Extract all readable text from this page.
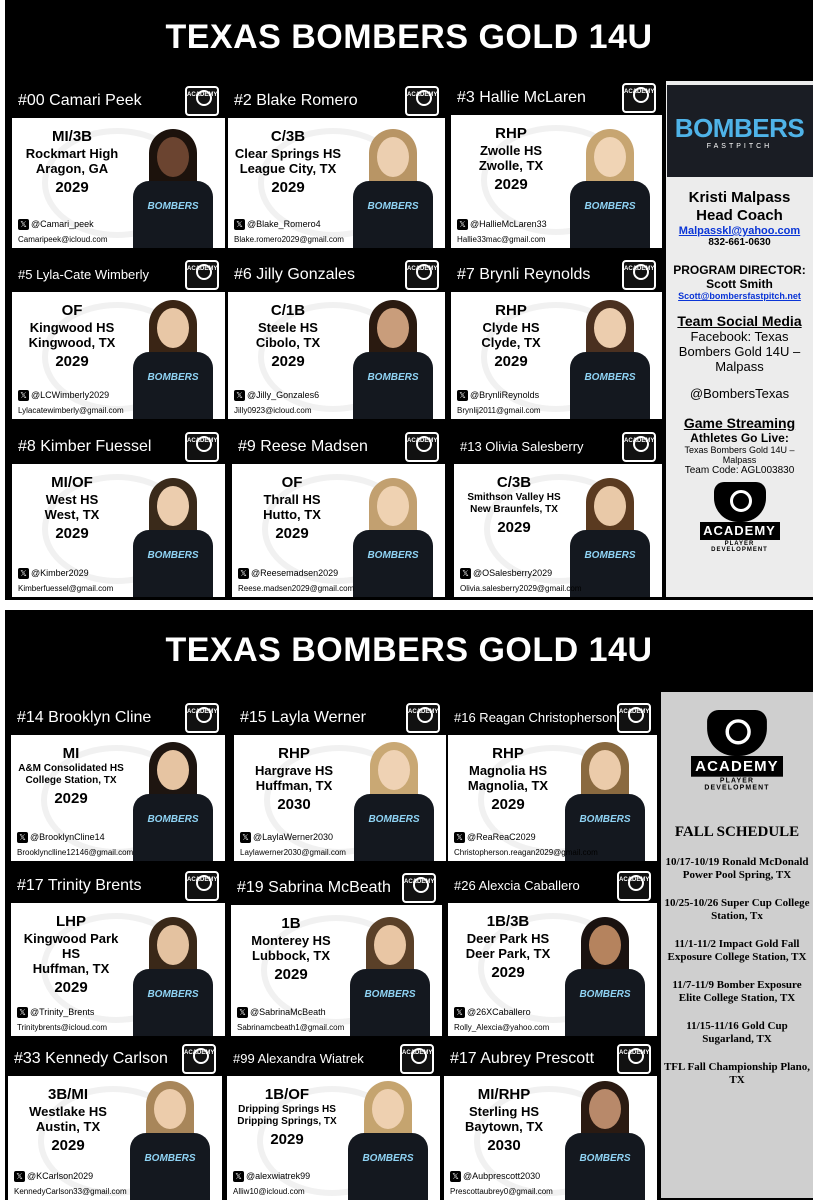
TEXAS BOMBERS GOLD 14U
TEXAS BOMBERS GOLD 14U
#00 Camari Peek
ACADEMY
MI/3B
Rockmart High
Aragon, GA
2029
BOMBERS
𝕏 @Camari_peek
Camaripeek@icloud.com
#2 Blake Romero
ACADEMY
C/3B
Clear Springs HS
League City, TX
2029
BOMBERS
𝕏 @Blake_Romero4
Blake.romero2029@gmail.com
#3 Hallie McLaren
ACADEMY
RHP
Zwolle HS
Zwolle, TX
2029
BOMBERS
𝕏 @HallieMcLaren33
Hallie33mac@gmail.com
#5 Lyla-Cate Wimberly
ACADEMY
OF
Kingwood HS
Kingwood, TX
2029
BOMBERS
𝕏 @LCWimberly2029
Lylacatewimberly@gmail.com
#6 Jilly Gonzales
ACADEMY
C/1B
Steele HS
Cibolo, TX
2029
BOMBERS
𝕏 @Jilly_Gonzales6
Jilly0923@icloud.com
#7 Brynli Reynolds
ACADEMY
RHP
Clyde HS
Clyde, TX
2029
BOMBERS
𝕏 @BrynliReynolds
Brynlij2011@gmail.com
#8 Kimber Fuessel
ACADEMY
MI/OF
West HS
West, TX
2029
BOMBERS
𝕏 @Kimber2029
Kimberfuessel@gmail.com
#9 Reese Madsen
ACADEMY
OF
Thrall HS
Hutto, TX
2029
BOMBERS
𝕏 @Reesemadsen2029
Reese.madsen2029@gmail.com
#13 Olivia Salesberry
ACADEMY
C/3B
Smithson Valley HS
New Braunfels, TX
2029
BOMBERS
𝕏 @OSalesberry2029
Olivia.salesberry2029@gmail.com
#14 Brooklyn Cline
ACADEMY
MI
A&M Consolidated HS
College Station, TX
2029
BOMBERS
𝕏 @BrooklynCline14
Brooklynclline12146@gmail.com
#15 Layla Werner
ACADEMY
RHP
Hargrave HS
Huffman, TX
2030
BOMBERS
𝕏 @LaylaWerner2030
Laylawerner2030@gmail.com
#16 Reagan Christopherson
ACADEMY
RHP
Magnolia HS
Magnolia, TX
2029
BOMBERS
𝕏 @ReaReaC2029
Christopherson.reagan2029@gmail.com
#17 Trinity Brents
ACADEMY
LHP
Kingwood Park HS
Huffman, TX
2029	BOMBERS
𝕏 @Trinity_Brents
Trinitybrents@icloud.com
#19 Sabrina McBeath
ACADEMY
1B
Monterey HS
Lubbock, TX
2029
BOMBERS
𝕏 @SabrinaMcBeath
Sabrinamcbeath1@gmail.com
#26 Alexcia Caballero
ACADEMY
1B/3B
Deer Park HS
Deer Park, TX
2029
BOMBERS
𝕏 @26XCaballero
Rolly_Alexcia@yahoo.com
#33 Kennedy Carlson
ACADEMY
3B/MI
Westlake HS
Austin, TX
2029
BOMBERS
𝕏 @KCarlson2029
KennedyCarlson33@gmail.com
#99 Alexandra Wiatrek
ACADEMY
1B/OF
Dripping Springs HS
Dripping Springs, TX
2029
BOMBERS
𝕏 @alexwiatrek99
Alliw10@icloud.com
#17 Aubrey Prescott
ACADEMY
MI/RHP
Sterling HS
Baytown, TX
2030
BOMBERS
𝕏 @Aubprescott2030
Prescottaubrey0@gmail.com
BOMBERS
FASTPITCH
Kristi Malpass
Head Coach
Malpasskl@yahoo.com
832-661-0630
PROGRAM DIRECTOR:
Scott Smith
Scott@bombersfastpitch.net
Team Social Media
Facebook: Texas Bombers Gold 14U – Malpass
@BombersTexas
Game Streaming
Athletes Go Live:
Texas Bombers Gold 14U – Malpass
Team Code: AGL003830
ACADEMY
PLAYER DEVELOPMENT
ACADEMY
PLAYER DEVELOPMENT
FALL SCHEDULE
10/17-10/19 Ronald McDonald Power Pool Spring, TX
10/25-10/26 Super Cup College Station, Tx
11/1-11/2 Impact Gold Fall Exposure College Station, TX
11/7-11/9 Bomber Exposure Elite College Station, TX
11/15-11/16 Gold Cup Sugarland, TX
TFL Fall Championship Plano, TX
